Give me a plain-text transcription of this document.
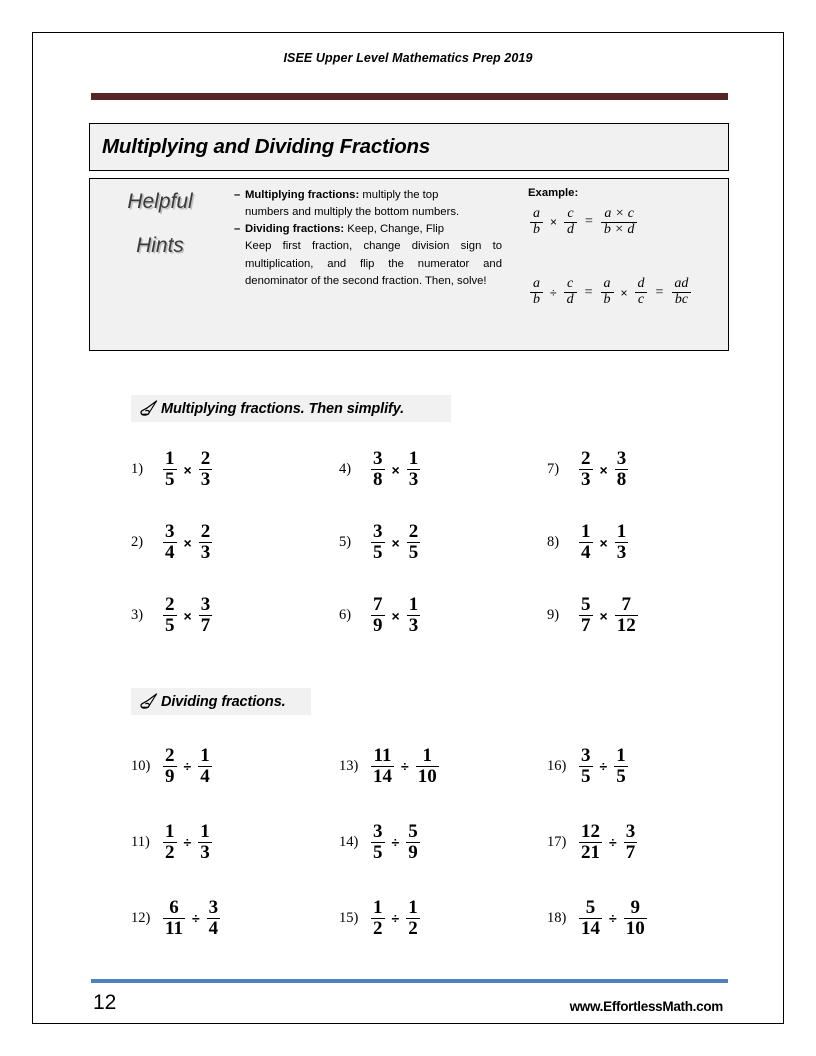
ISEE Upper Level Mathematics Prep 2019
Multiplying and Dividing Fractions
Helpful
Hints
– Multiplying fractions: multiply the top
numbers and multiply the bottom numbers.
– Dividing fractions: Keep, Change, Flip
Keep first fraction, change division sign to multiplication, and flip the numerator and denominator of the second fraction. Then, solve!
Example:
$\frac{a}{b} \times \frac{c}{d} = \frac{a \times c}{b \times d}$
$\frac{a}{b} \div \frac{c}{d} = \frac{a}{b} \times \frac{d}{c} = \frac{ad}{bc}$
Multiplying fractions. Then simplify.
1)	$\frac{1}{5} \times \frac{2}{3}$	4)	$\frac{3}{8} \times \frac{1}{3}$	7)	$\frac{2}{3} \times \frac{3}{8}$
2)	$\frac{3}{4} \times \frac{2}{3}$	5)	$\frac{3}{5} \times \frac{2}{5}$	8)	$\frac{1}{4} \times \frac{1}{3}$
3)	$\frac{2}{5} \times \frac{3}{7}$	6)	$\frac{7}{9} \times \frac{1}{3}$	9)	$\frac{5}{7} \times \frac{7}{12}$
Dividing fractions.
$10) \frac{2}{9} \div \frac{1}{4}$	$13) \frac{11}{14} \div \frac{1}{10}$	$16) \frac{3}{5} \div \frac{1}{5}$
$11) \frac{1}{2} \div \frac{1}{3}$	$14) \frac{3}{5} \div \frac{5}{9}$	$17) \frac{12}{21} \div \frac{3}{7}$
$12) \frac{6}{11} \div \frac{3}{4}$	$15) \frac{1}{2} \div \frac{1}{2}$	$18) \frac{5}{14} \div \frac{9}{10}$
12	www.EffortlessMath.com
